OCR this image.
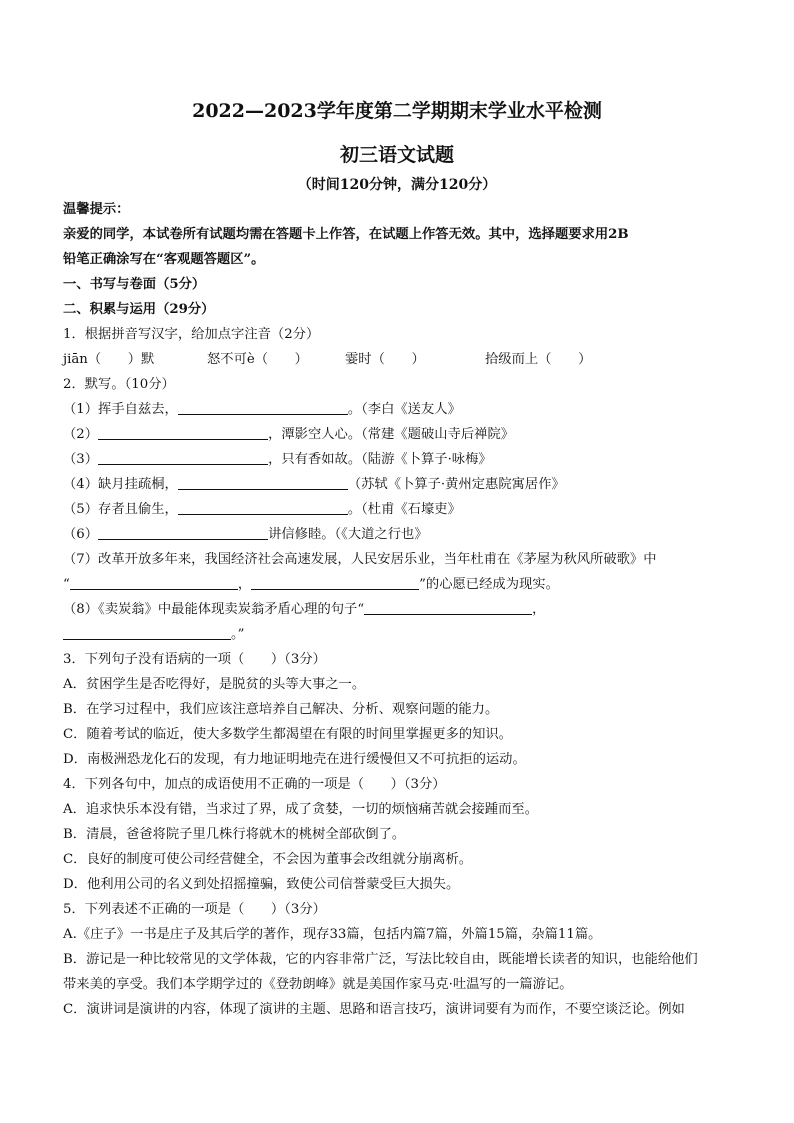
2022—2023学年度第二学期期末学业水平检测
初三语文试题
（时间120分钟，满分120分）
温馨提示：
亲爱的同学，本试卷所有试题均需在答题卡上作答，在试题上作答无效。其中，选择题要求用2B
铅笔正确涂写在“客观题答题区”。
一、书写与卷面（5分）
二、积累与运用（29分）
1．根据拼音写汉字，给加点字注音（2分）
jiān（　　）默	怒不可è（　　）	霎时（　　）	拾级而上（　　）
2．默写。（10分）
（1）挥手自兹去，	。（李白《送友人》
（2）	，潭影空人心。（常建《题破山寺后禅院》
（3）	，只有香如故。（陆游《卜算子·咏梅》
（4）缺月挂疏桐，	（苏轼《卜算子·黄州定惠院寓居作》
（5）存者且偷生，	。（杜甫《石壕吏》
（6）	讲信修睦。（《大道之行也》
（7）改革开放多年来，我国经济社会高速发展，人民安居乐业，当年杜甫在《茅屋为秋风所破歌》中
“	，	”的心愿已经成为现实。
（8）《卖炭翁》中最能体现卖炭翁矛盾心理的句子“	，
。”
3．下列句子没有语病的一项（　　）（3分）
A．贫困学生是否吃得好，是脱贫的头等大事之一。
B．在学习过程中，我们应该注意培养自己解决、分析、观察问题的能力。
C．随着考试的临近，使大多数学生都渴望在有限的时间里掌握更多的知识。
D．南极洲恐龙化石的发现，有力地证明地壳在进行缓慢但又不可抗拒的运动。
4．下列各句中，加点的成语使用不正确的一项是（　　）（3分）
A．追求快乐本没有错，当求过了界，成了贪婪，一切的烦恼痛苦就会接踵而至。
B．清晨，爸爸将院子里几株行将就木的桃树全部砍倒了。
C．良好的制度可使公司经营健全，不会因为董事会改组就分崩离析。
D．他利用公司的名义到处招摇撞骗，致使公司信誉蒙受巨大损失。
5．下列表述不正确的一项是（　　）（3分）
A.《庄子》一书是庄子及其后学的著作，现存33篇，包括内篇7篇，外篇15篇，杂篇11篇。
B．游记是一种比较常见的文学体裁，它的内容非常广泛，写法比较自由，既能增长读者的知识，也能给他们
带来美的享受。我们本学期学过的《登勃朗峰》就是美国作家马克·吐温写的一篇游记。
C．演讲词是演讲的内容，体现了演讲的主题、思路和语言技巧，演讲词要有为而作，不要空谈泛论。例如
